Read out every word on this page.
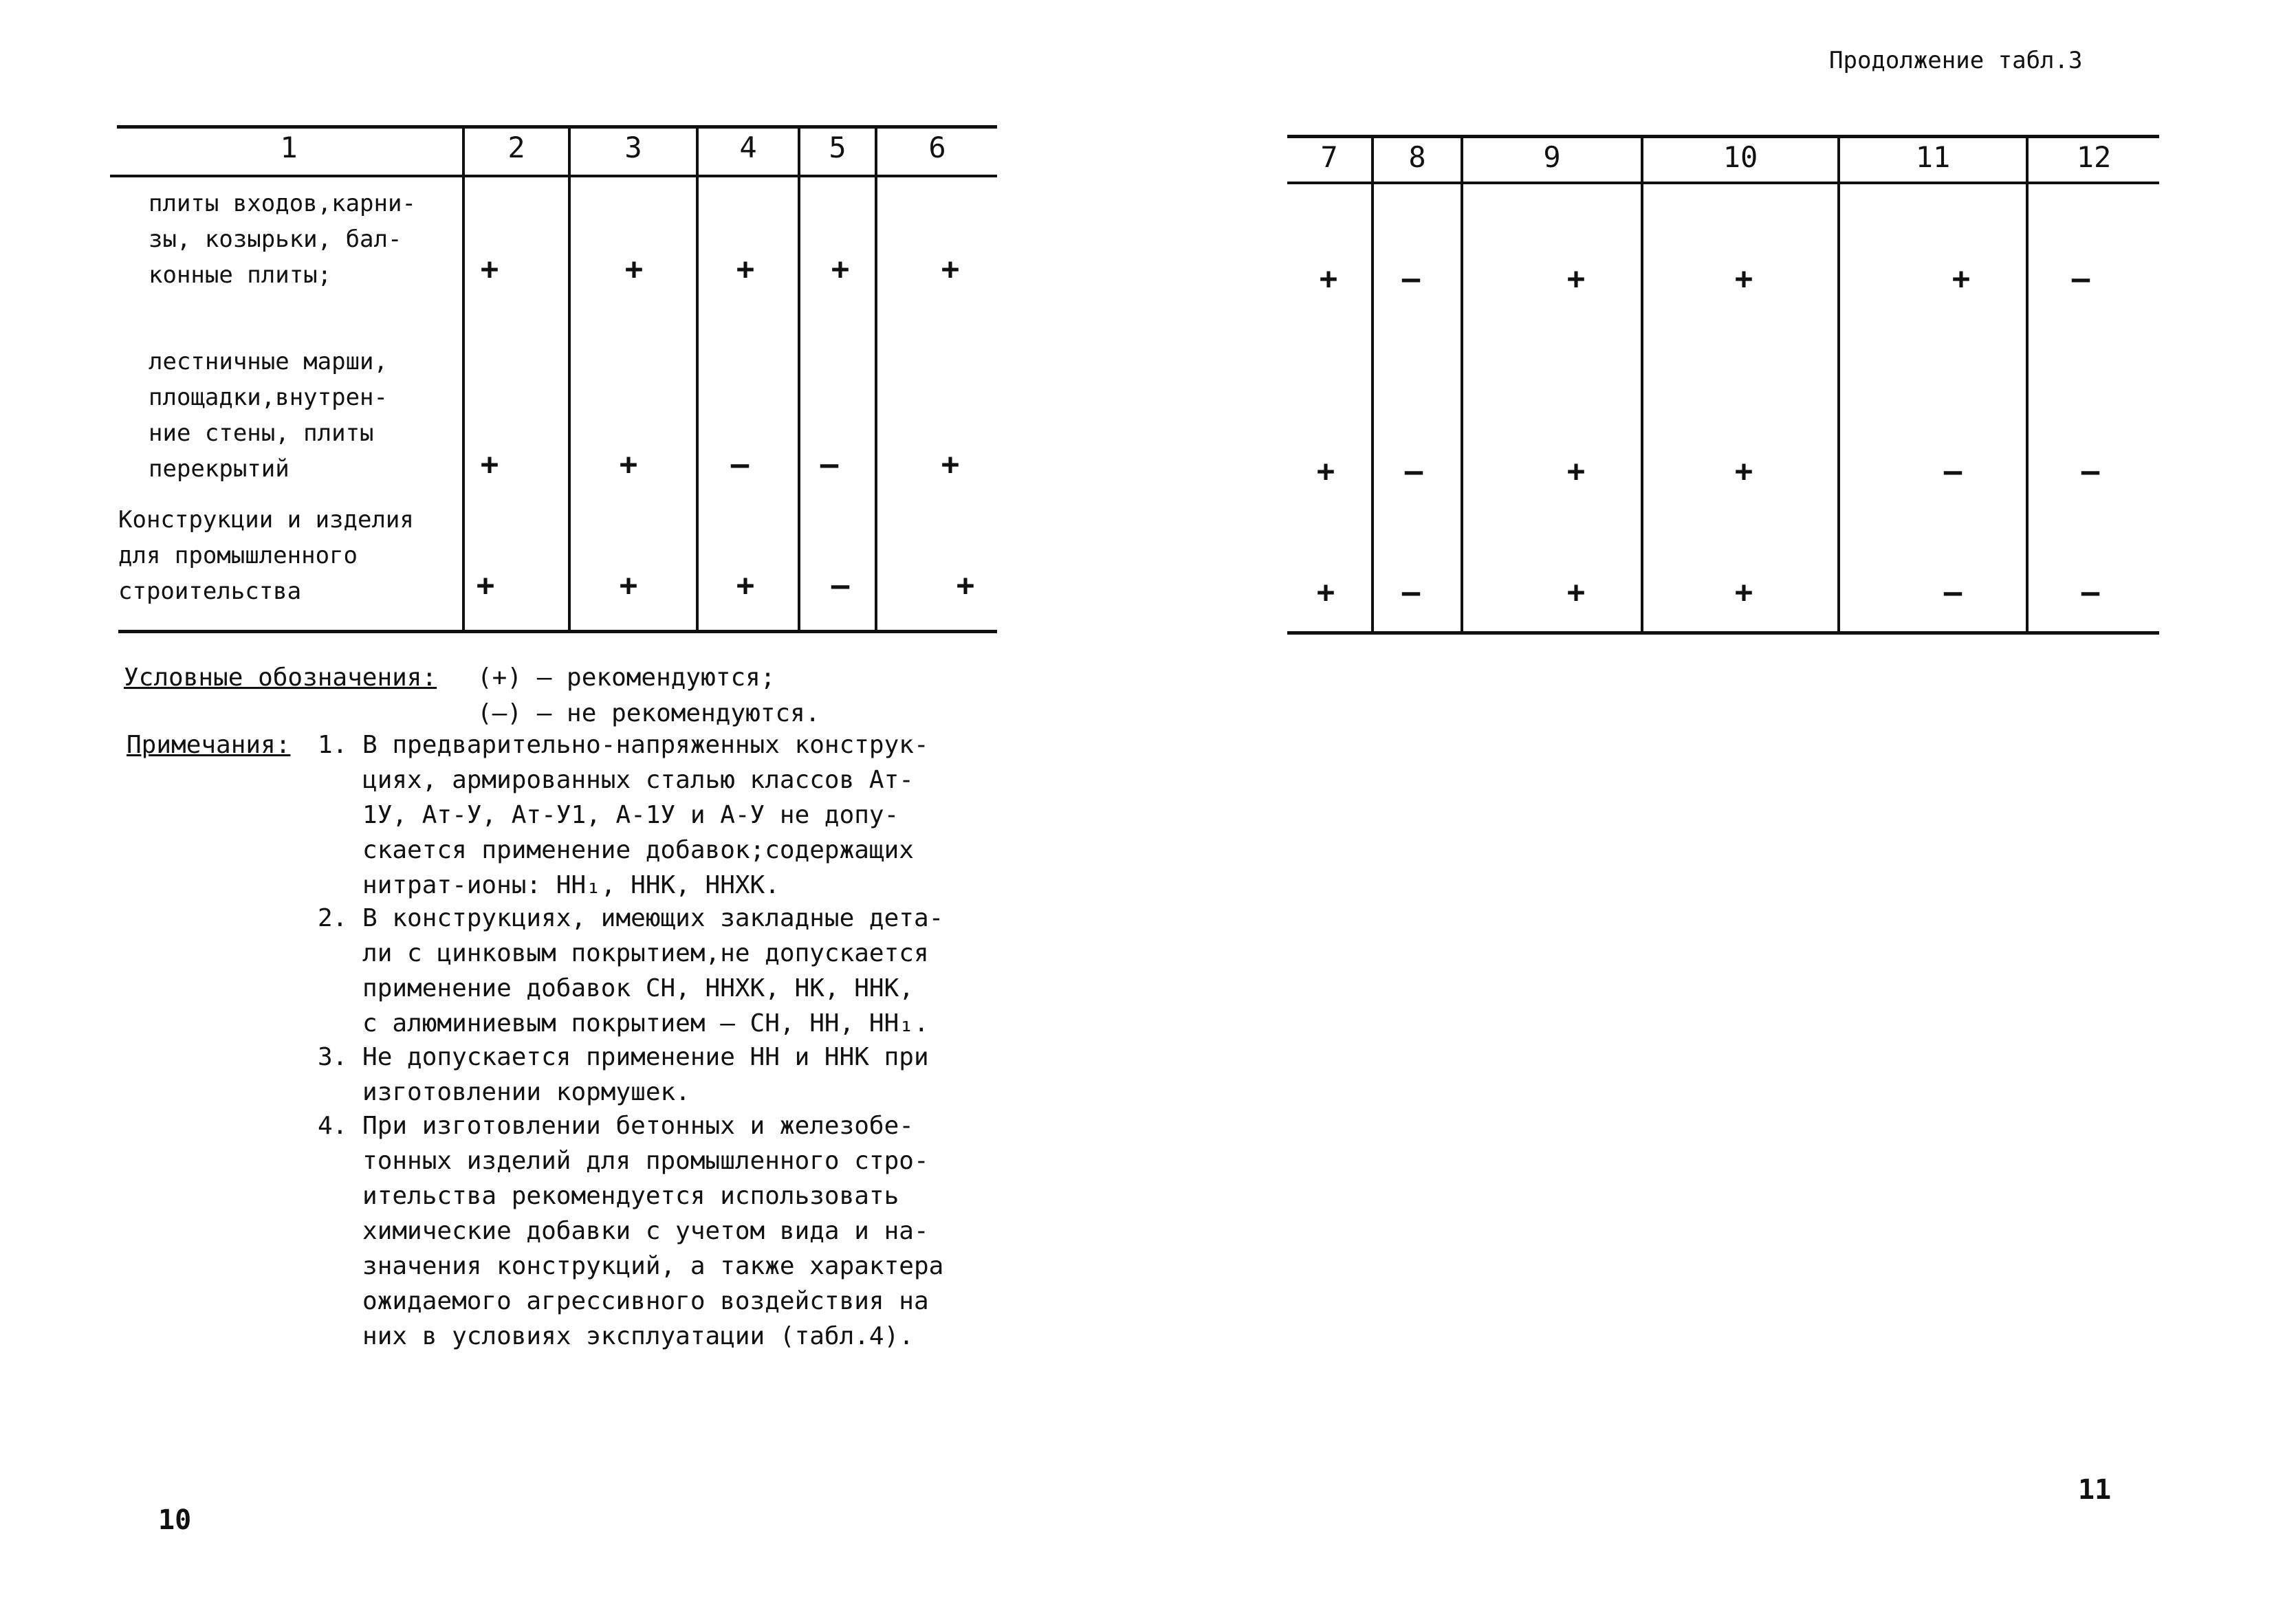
Продолжение табл.3
1	2	3	4	5	6
плиты входов,карни-
зы, козырьки, бал-
конные плиты;	+	+	+	+	+
лестничные марши,
площадки,внутрен-
ние стены, плиты
перекрытий	+	+	–	–	+
Конструкции и изделия
для промышленного
строительства	+	+	+	–	+
7	8	9	10	11	12
+	–	+	+	+	–
+	–	+	+	–	–
+	–	+	+	–	–
Условные обозначения: (+) – рекомендуются;
(–) – не рекомендуются.
Примечания: 1. В предварительно-напряженных конструк-
циях, армированных сталью классов Ат-
1У, Ат-У, Ат-У1, А-1У и А-У не допу-
скается применение добавок;содержащих
нитрат-ионы: НН₁, ННК, ННХК.
2. В конструкциях, имеющих закладные дета-
ли с цинковым покрытием,не допускается
применение добавок СН, ННХК, НК, ННК,
с алюминиевым покрытием – СН, НН, НН₁.
3. Не допускается применение НН и ННК при
изготовлении кормушек.
4. При изготовлении бетонных и железобе-
тонных изделий для промышленного стро-
ительства рекомендуется использовать
химические добавки с учетом вида и на-
значения конструкций, а также характера
ожидаемого агрессивного воздействия на
них в условиях эксплуатации (табл.4).
10
11
